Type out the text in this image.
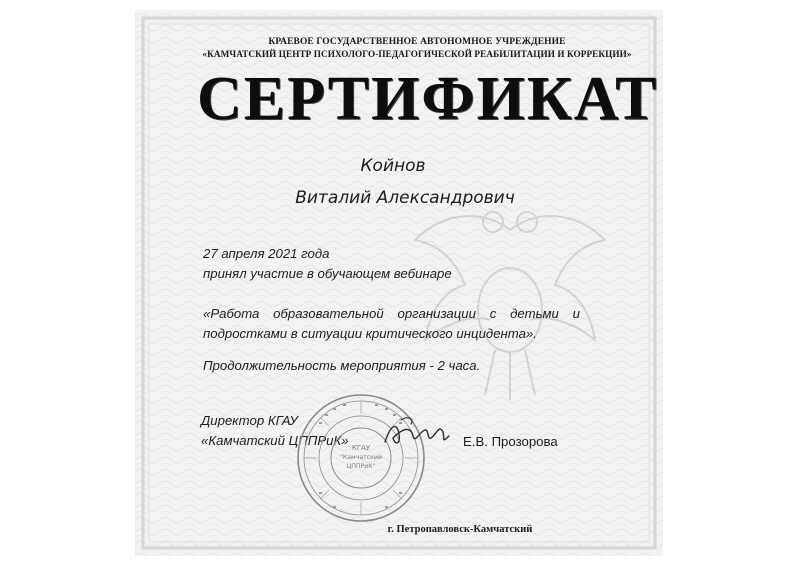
КРАЕВОЕ ГОСУДАРСТВЕННОЕ АВТОНОМНОЕ УЧРЕЖДЕНИЕ
«КАМЧАТСКИЙ ЦЕНТР ПСИХОЛОГО-ПЕДАГОГИЧЕСКОЙ РЕАБИЛИТАЦИИ И КОРРЕКЦИИ»
СЕРТИФИКАТ
Койнов
Виталий Александрович
27 апреля 2021 года
принял участие в обучающем вебинаре
«Работа образовательной организации с детьми и
подростками в ситуации критического инцидента».
Продолжительность мероприятия - 2 часа.
Директор КГАУ
«Камчатский ЦППРиК»	Е.В. Прозорова
КГАУ
"Камчатский
ЦППРиК"
г. Петропавловск-Камчатский
